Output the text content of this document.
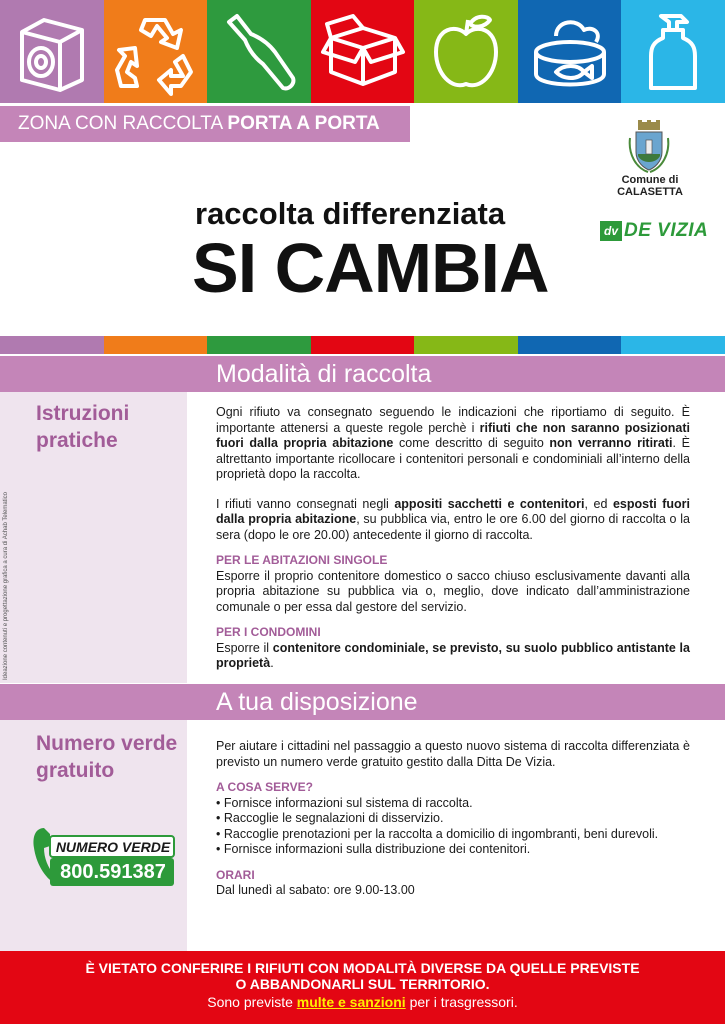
ZONA CON RACCOLTA PORTA A PORTA
raccolta differenziata
SI CAMBIA
Comune di
CALASETTA
dv DE VIZIA
Modalità di raccolta
Istruzioni
pratiche
Ideazione contenuti e progettazione grafica a cura di Achab Telematico

Ogni rifiuto va consegnato seguendo le indicazioni che riportiamo di seguito. È importante attenersi a queste regole perchè i rifiuti che non saranno posizionati fuori dalla propria abitazione come descritto di seguito non verranno ritirati. È altrettanto importante ricollocare i contenitori personali e condominiali all’interno della proprietà dopo la raccolta.

I rifiuti vanno consegnati negli appositi sacchetti e contenitori, ed esposti fuori dalla propria abitazione, su pubblica via, entro le ore 6.00 del giorno di raccolta o la sera (dopo le ore 20.00) antecedente il giorno di raccolta.

PER LE ABITAZIONI SINGOLE

Esporre il proprio contenitore domestico o sacco chiuso esclusivamente davanti alla propria abitazione su pubblica via o, meglio, dove indicato dall’amministrazione comunale o per essa dal gestore del servizio.

PER I CONDOMINI

Esporre il contenitore condominiale, se previsto, su suolo pubblico antistante la proprietà.

A tua disposizione
Numero verde
gratuito
NUMERO VERDE
800.591387

Per aiutare i cittadini nel passaggio a questo nuovo sistema di raccolta differenziata è previsto un numero verde gratuito gestito dalla Ditta De Vizia.

A COSA SERVE?
• Fornisce informazioni sul sistema di raccolta.
• Raccoglie le segnalazioni di disservizio.
• Raccoglie prenotazioni per la raccolta a domicilio di ingombranti, beni durevoli.
• Fornisce informazioni sulla distribuzione dei contenitori.
ORARI

Dal lunedì al sabato: ore 9.00-13.00

È VIETATO CONFERIRE I RIFIUTI CON MODALITÀ DIVERSE DA QUELLE PREVISTE
O ABBANDONARLI SUL TERRITORIO.
Sono previste multe e sanzioni per i trasgressori.
